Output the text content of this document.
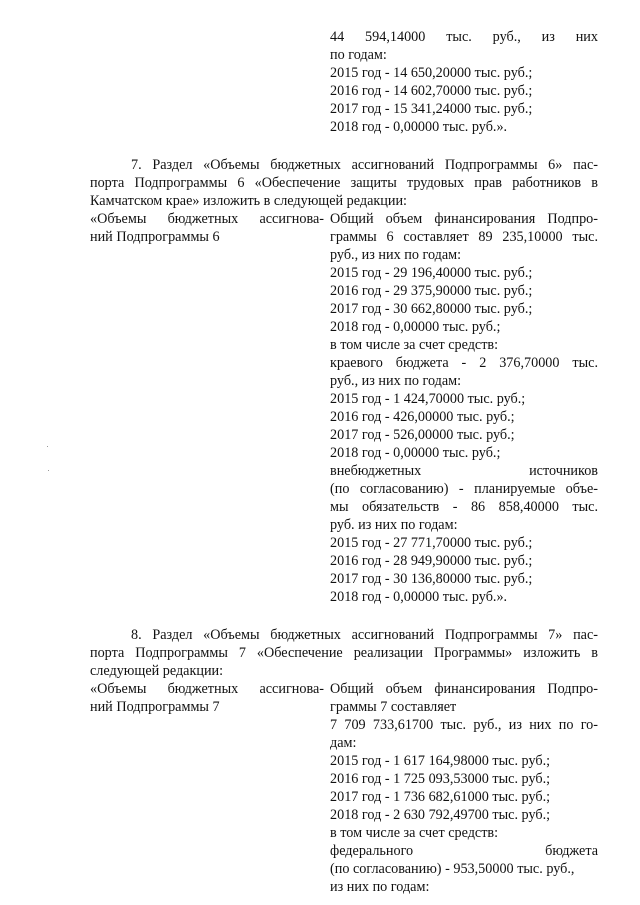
44 594,14000 тыс. руб., из них
по годам:
2015 год - 14 650,20000 тыс. руб.;
2016 год - 14 602,70000 тыс. руб.;
2017 год - 15 341,24000 тыс. руб.;
2018 год - 0,00000 тыс. руб.».
7. Раздел «Объемы бюджетных ассигнований Подпрограммы 6» пас-
порта Подпрограммы 6 «Обеспечение защиты трудовых прав работников в
Камчатском крае» изложить в следующей редакции:
«Объемы бюджетных ассигнова-
ний Подпрограммы 6
Общий объем финансирования Подпро-
граммы 6 составляет 89 235,10000 тыс.
руб., из них по годам:
2015 год - 29 196,40000 тыс. руб.;
2016 год - 29 375,90000 тыс. руб.;
2017 год - 30 662,80000 тыс. руб.;
2018 год - 0,00000 тыс. руб.;
в том числе за счет средств:
краевого бюджета - 2 376,70000 тыс.
руб., из них по годам:
2015 год - 1 424,70000 тыс. руб.;
2016 год - 426,00000 тыс. руб.;
2017 год - 526,00000 тыс. руб.;
2018 год - 0,00000 тыс. руб.;
внебюджетных источников
(по согласованию) - планируемые объе-
мы обязательств - 86 858,40000 тыс.
руб. из них по годам:
2015 год - 27 771,70000 тыс. руб.;
2016 год - 28 949,90000 тыс. руб.;
2017 год - 30 136,80000 тыс. руб.;
2018 год - 0,00000 тыс. руб.».
8. Раздел «Объемы бюджетных ассигнований Подпрограммы 7» пас-
порта Подпрограммы 7 «Обеспечение реализации Программы» изложить в
следующей редакции:
«Объемы бюджетных ассигнова-
ний Подпрограммы 7
Общий объем финансирования Подпро-
граммы 7 составляет
7 709 733,61700 тыс. руб., из них по го-
дам:
2015 год - 1 617 164,98000 тыс. руб.;
2016 год - 1 725 093,53000 тыс. руб.;
2017 год - 1 736 682,61000 тыс. руб.;
2018 год - 2 630 792,49700 тыс. руб.;
в том числе за счет средств:
федерального бюджета
(по согласованию) - 953,50000 тыс. руб.,
из них по годам:
